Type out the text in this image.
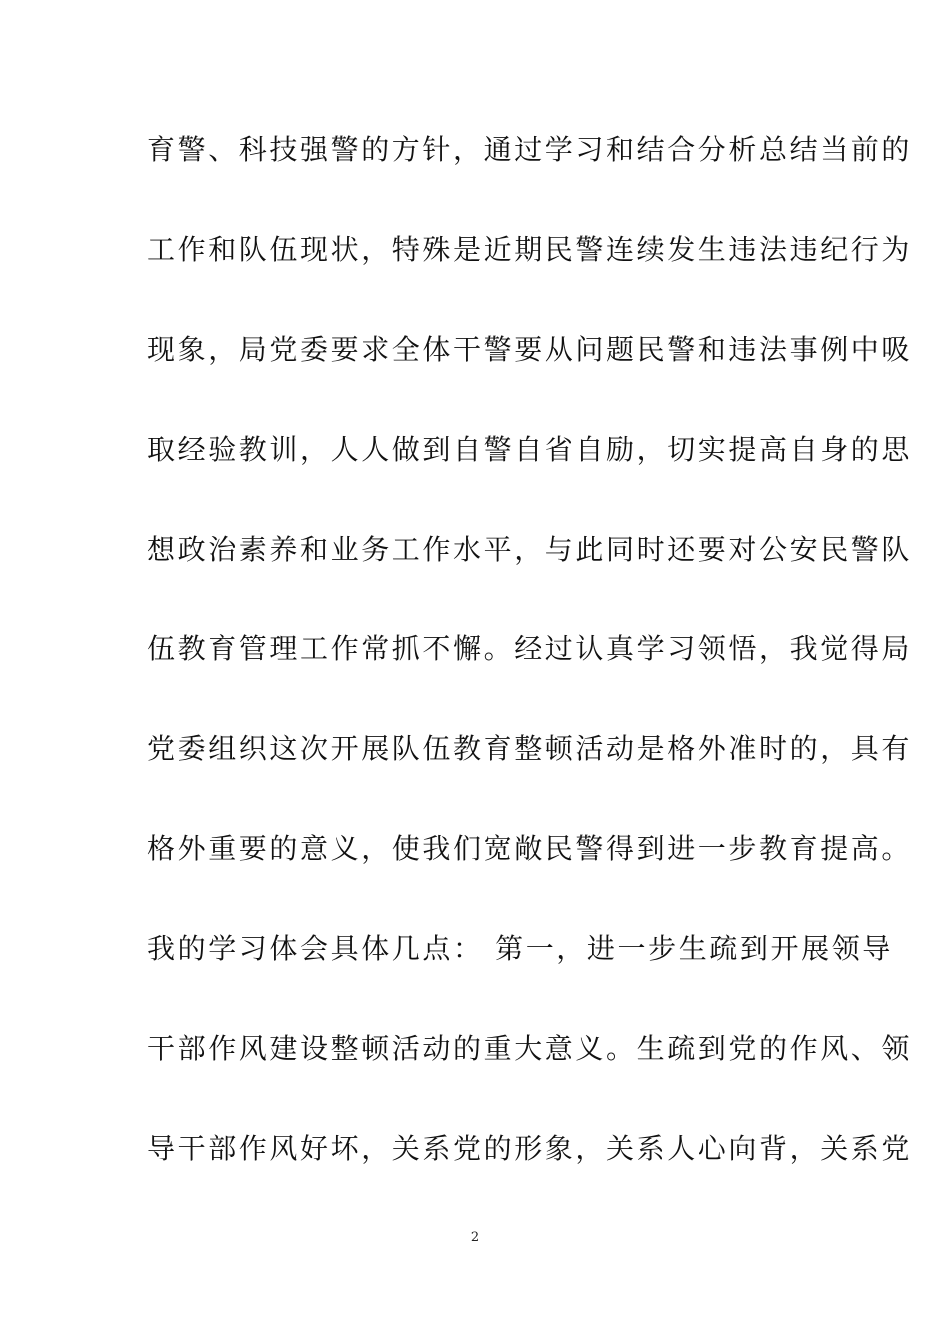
育警、科技强警的方针，通过学习和结合分析总结当前的
工作和队伍现状，特殊是近期民警连续发生违法违纪行为
现象，局党委要求全体干警要从问题民警和违法事例中吸
取经验教训，人人做到自警自省自励，切实提高自身的思
想政治素养和业务工作水平，与此同时还要对公安民警队
伍教育管理工作常抓不懈。经过认真学习领悟，我觉得局
党委组织这次开展队伍教育整顿活动是格外准时的，具有
格外重要的意义，使我们宽敞民警得到进一步教育提高。
我的学习体会具体几点： 第一，进一步生疏到开展领导
干部作风建设整顿活动的重大意义。生疏到党的作风、领
导干部作风好坏，关系党的形象，关系人心向背，关系党
2
